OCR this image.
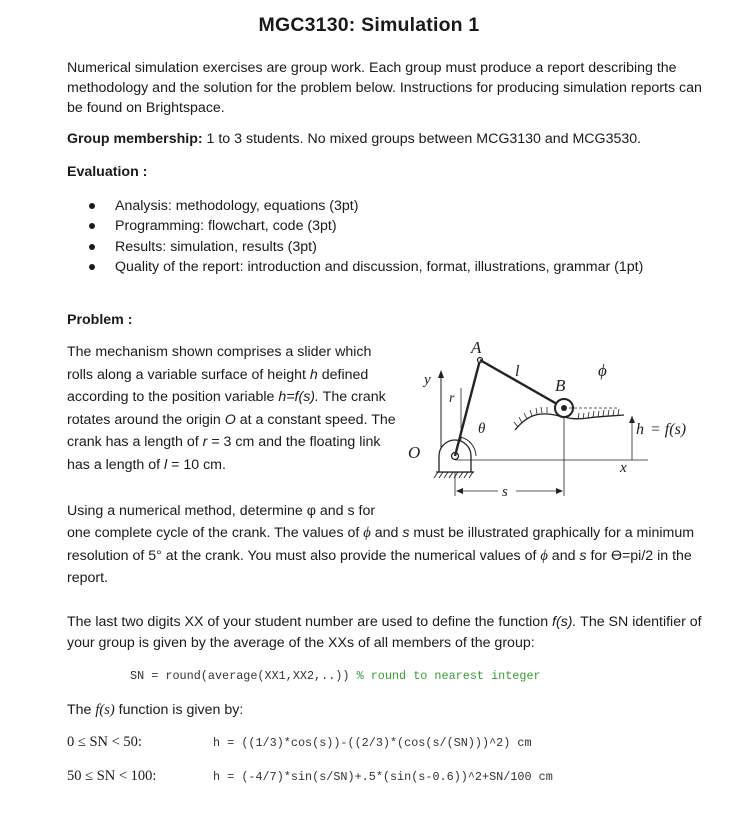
MGC3130: Simulation 1
Numerical simulation exercises are group work. Each group must produce a report describing the methodology and the solution for the problem below. Instructions for producing simulation reports can be found on Brightspace.
Group membership: 1 to 3 students. No mixed groups between MCG3130 and MCG3530.
Evaluation :
Analysis: methodology, equations (3pt)
Programming: flowchart, code (3pt)
Results: simulation, results (3pt)
Quality of the report: introduction and discussion, format, illustrations, grammar (1pt)
Problem :
The mechanism shown comprises a slider which rolls along a variable surface of height h defined according to the position variable h=f(s). The crank rotates around the origin O at a constant speed. The crank has a length of r = 3 cm and the floating link has a length of l = 10 cm.
y
r
O
A
θ
l
B
ϕ
h = f(s)
x
s
Using a numerical method, determine φ and s for
one complete cycle of the crank. The values of ϕ and s must be illustrated graphically for a minimum resolution of 5° at the crank. You must also provide the numerical values of ϕ and s for ϴ=pi/2 in the report.
The last two digits XX of your student number are used to define the function f(s). The SN identifier of your group is given by the average of the XXs of all members of the group:
SN = round(average(XX1,XX2,..)) % round to nearest integer
The f(s) function is given by:
0 ≤ SN < 50:	h = ((1/3)*cos(s))-((2/3)*(cos(s/(SN)))^2) cm
50 ≤ SN < 100:	h = (-4/7)*sin(s/SN)+.5*(sin(s-0.6))^2+SN/100 cm
